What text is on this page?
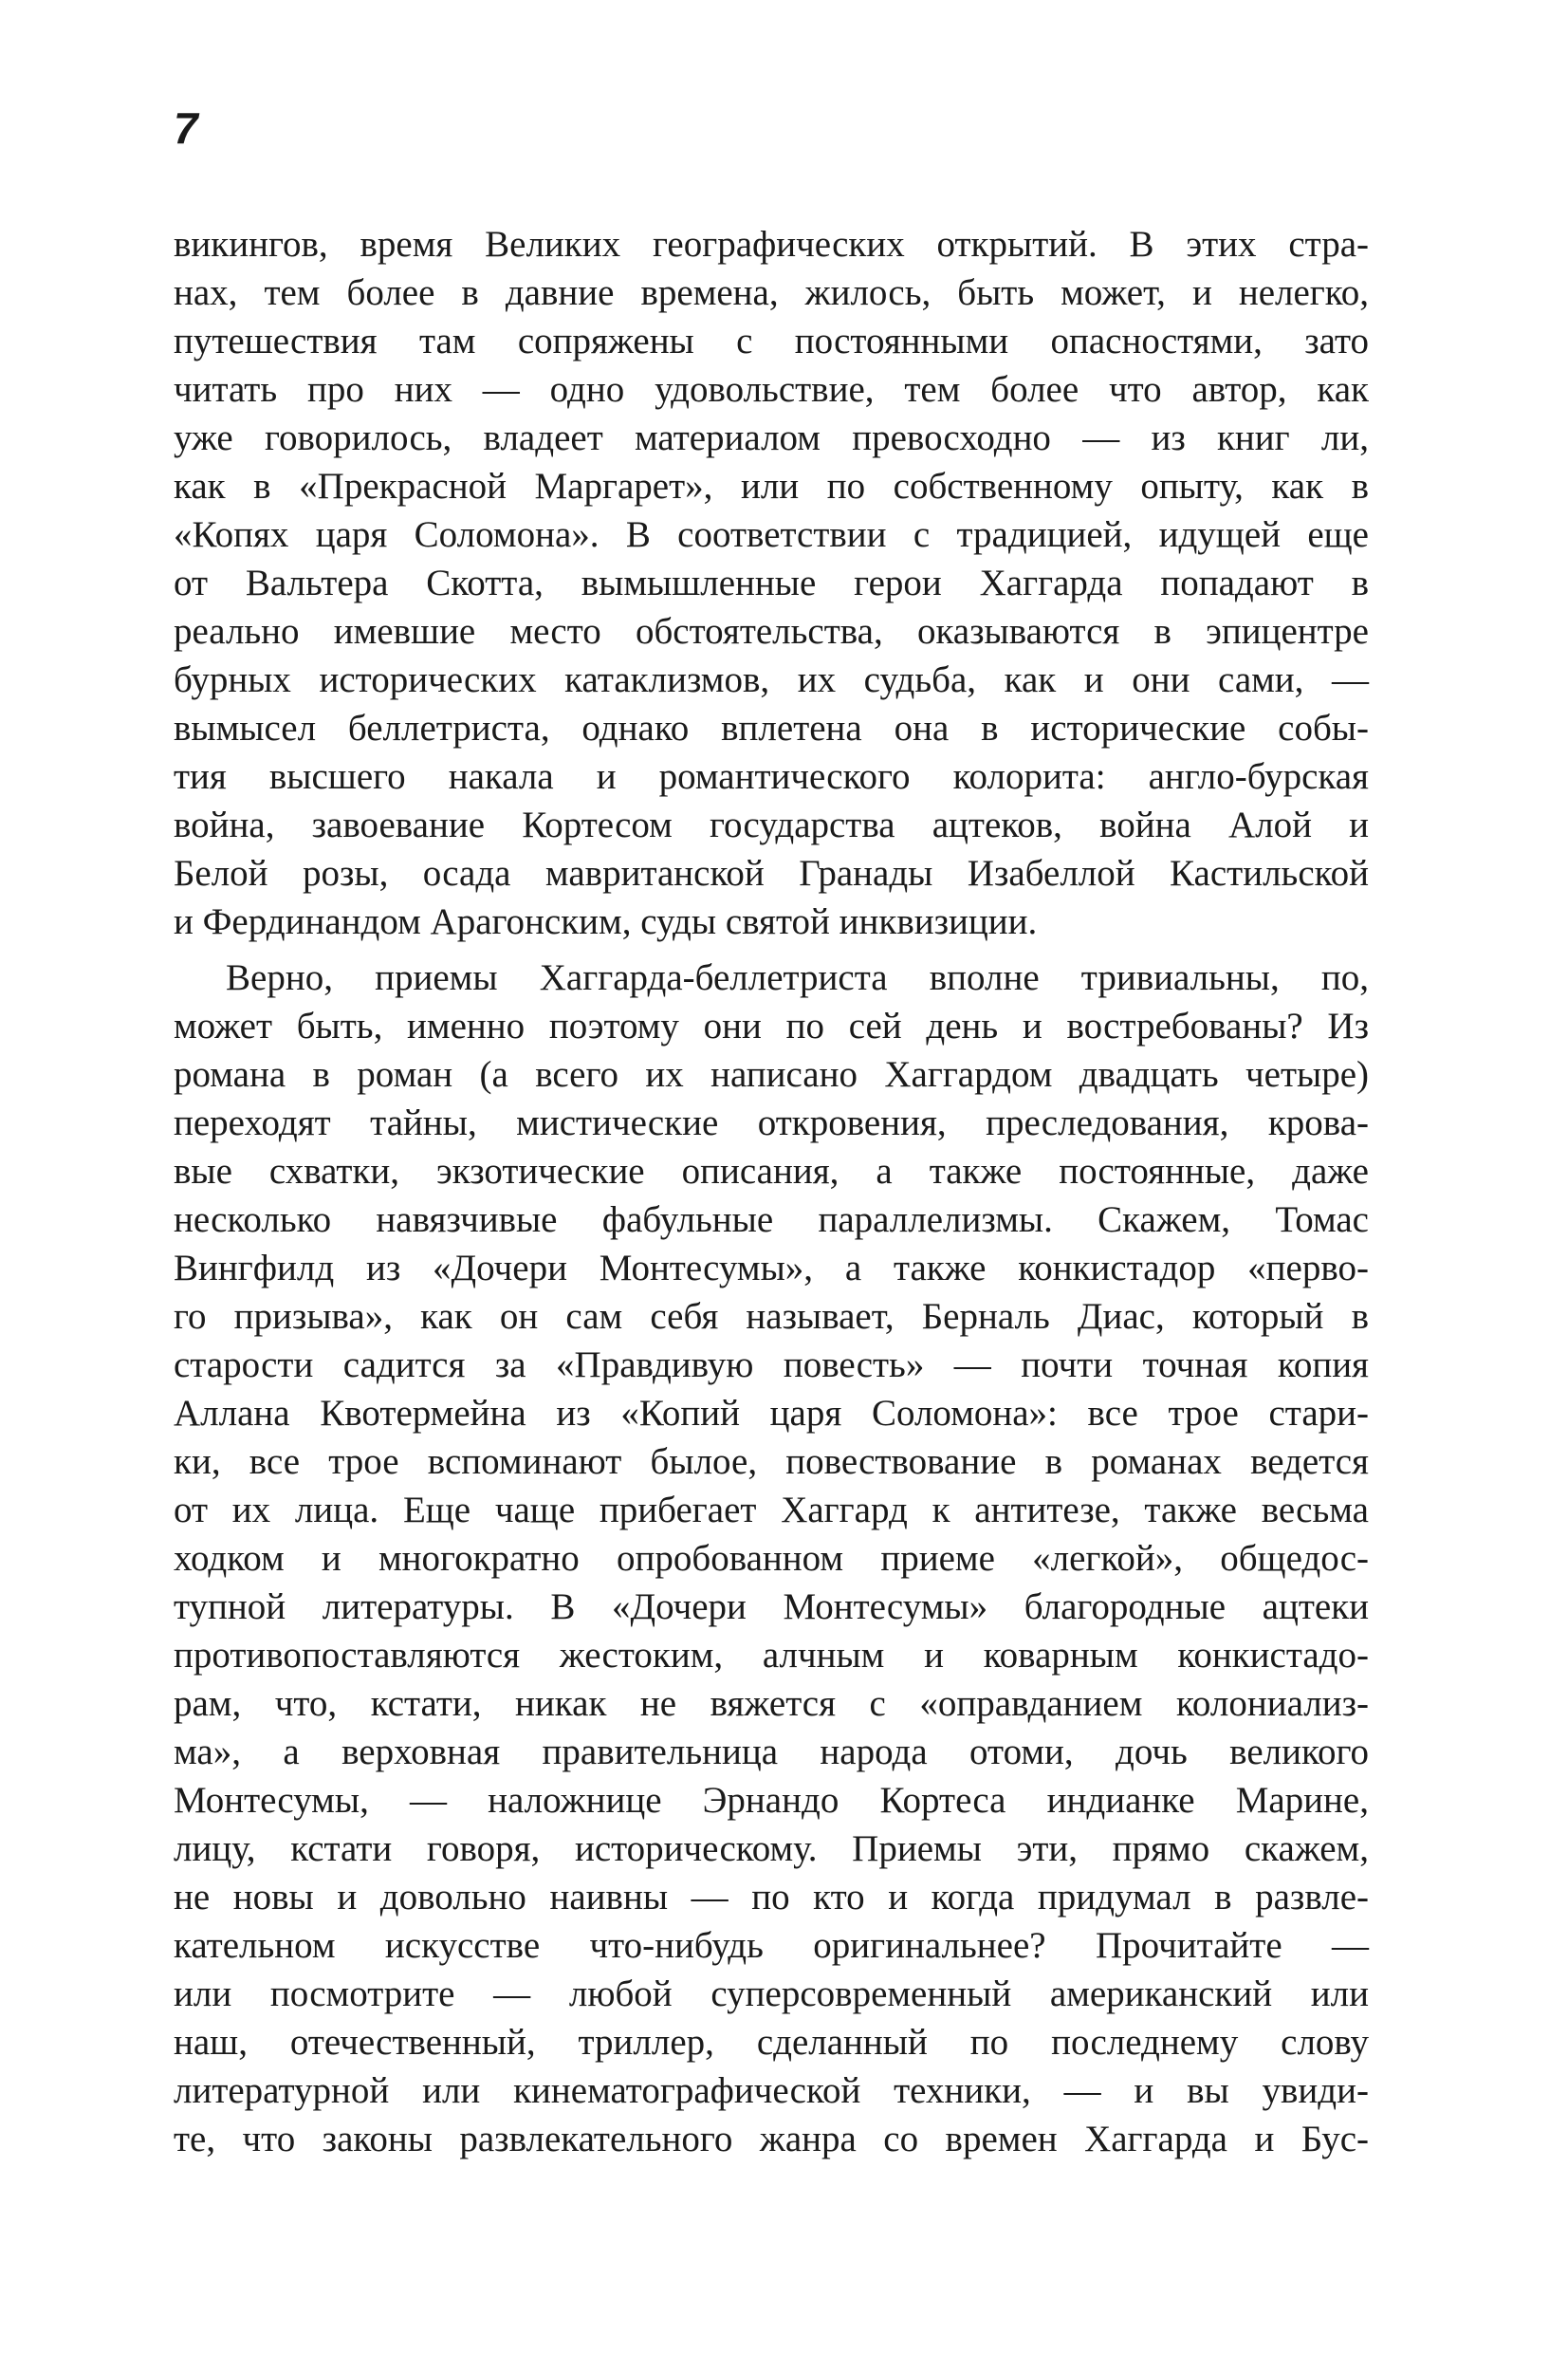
7
викингов, время Великих географических открытий. В этих стра-
нах, тем более в давние времена, жилось, быть может, и нелегко,
путешествия там сопряжены с постоянными опасностями, зато
читать про них — одно удовольствие, тем более что автор, как
уже говорилось, владеет материалом превосходно — из книг ли,
как в «Прекрасной Маргарет», или по собственному опыту, как в
«Копях царя Соломона». В соответствии с традицией, идущей еще
от Вальтера Скотта, вымышленные герои Хаггарда попадают в
реально имевшие место обстоятельства, оказываются в эпицентре
бурных исторических катаклизмов, их судьба, как и они сами, —
вымысел беллетриста, однако вплетена она в исторические собы-
тия высшего накала и романтического колорита: англо-бурская
война, завоевание Кортесом государства ацтеков, война Алой и
Белой розы, осада мавританской Гранады Изабеллой Кастильской
и Фердинандом Арагонским, суды святой инквизиции.
Верно, приемы Хаггарда-беллетриста вполне тривиальны, по,
может быть, именно поэтому они по сей день и востребованы? Из
романа в роман (а всего их написано Хаггардом двадцать четыре)
переходят тайны, мистические откровения, преследования, крова-
вые схватки, экзотические описания, а также постоянные, даже
несколько навязчивые фабульные параллелизмы. Скажем, Томас
Вингфилд из «Дочери Монтесумы», а также конкистадор «перво-
го призыва», как он сам себя называет, Берналь Диас, который в
старости садится за «Правдивую повесть» — почти точная копия
Аллана Квотермейна из «Копий царя Соломона»: все трое стари-
ки, все трое вспоминают былое, повествование в романах ведется
от их лица. Еще чаще прибегает Хаггард к антитезе, также весьма
ходком и многократно опробованном приеме «легкой», общедос-
тупной литературы. В «Дочери Монтесумы» благородные ацтеки
противопоставляются жестоким, алчным и коварным конкистадо-
рам, что, кстати, никак не вяжется с «оправданием колониализ-
ма», а верховная правительница народа отоми, дочь великого
Монтесумы, — наложнице Эрнандо Кортеса индианке Марине,
лицу, кстати говоря, историческому. Приемы эти, прямо скажем,
не новы и довольно наивны — по кто и когда придумал в развле-
кательном искусстве что-нибудь оригинальнее? Прочитайте —
или посмотрите — любой суперсовременный американский или
наш, отечественный, триллер, сделанный по последнему слову
литературной или кинематографической техники, — и вы увиди-
те, что законы развлекательного жанра со времен Хаггарда и Бус-
